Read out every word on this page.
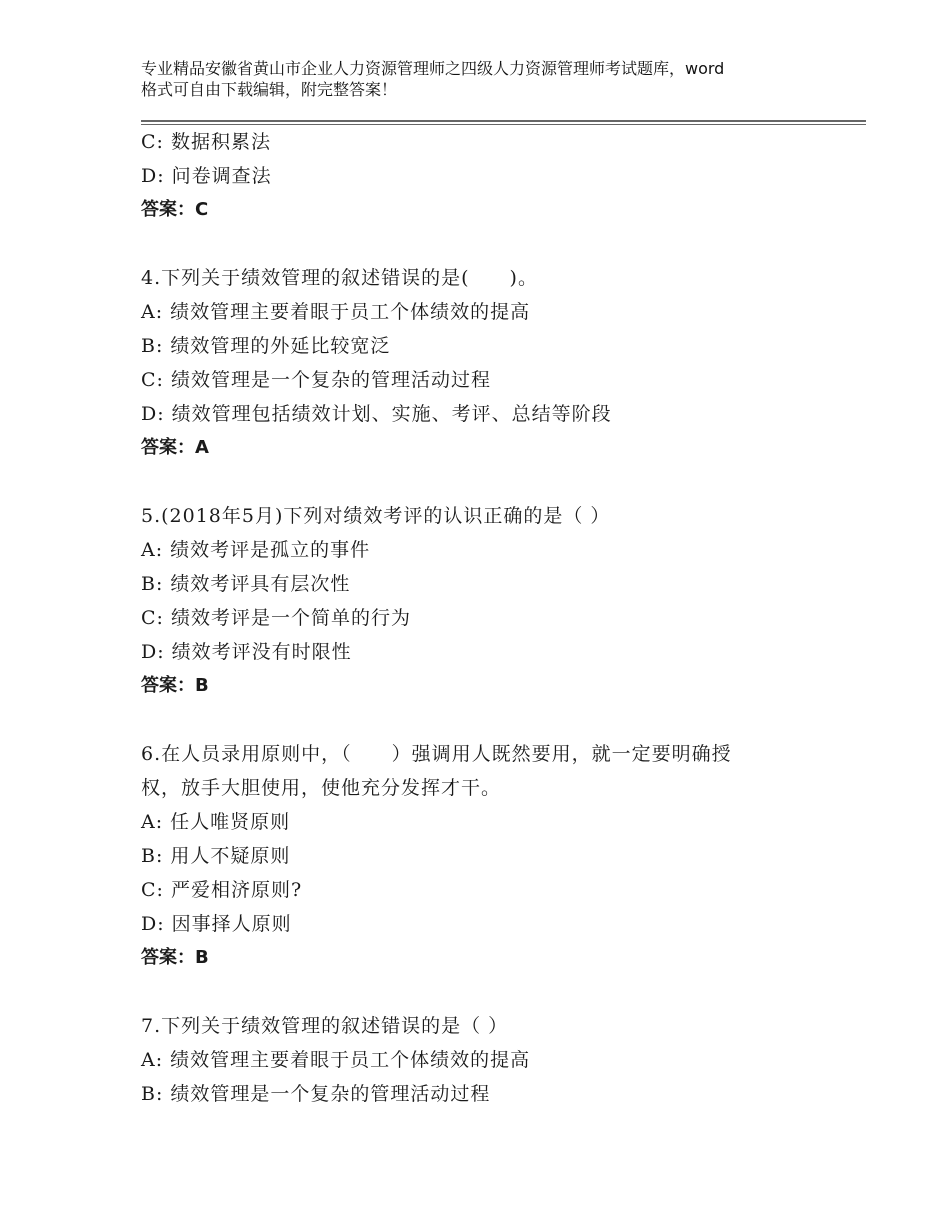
专业精品安徽省黄山市企业人力资源管理师之四级人力资源管理师考试题库，word
格式可自由下载编辑，附完整答案！
C: 数据积累法
D: 问卷调查法
答案：C
4.下列关于绩效管理的叙述错误的是(　　)。
A: 绩效管理主要着眼于员工个体绩效的提高
B: 绩效管理的外延比较宽泛
C: 绩效管理是一个复杂的管理活动过程
D: 绩效管理包括绩效计划、实施、考评、总结等阶段
答案：A
5.(2018年5月)下列对绩效考评的认识正确的是（ ）
A: 绩效考评是孤立的事件
B: 绩效考评具有层次性
C: 绩效考评是一个简单的行为
D: 绩效考评没有时限性
答案：B
6.在人员录用原则中，（　　）强调用人既然要用，就一定要明确授
权，放手大胆使用，使他充分发挥才干。
A: 任人唯贤原则
B: 用人不疑原则
C: 严爱相济原则?
D: 因事择人原则
答案：B
7.下列关于绩效管理的叙述错误的是（ ）
A: 绩效管理主要着眼于员工个体绩效的提高
B: 绩效管理是一个复杂的管理活动过程
